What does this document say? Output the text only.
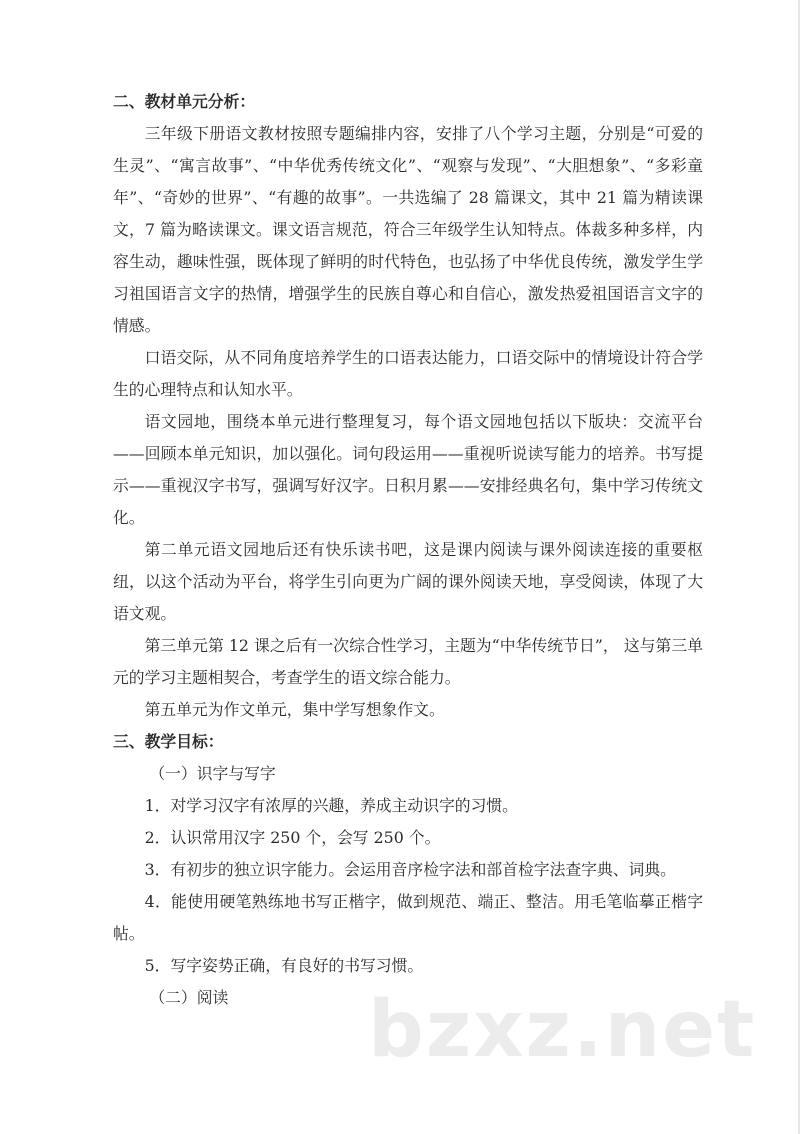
二、教材单元分析：

三年级下册语文教材按照专题编排内容，安排了八个学习主题，分别是“可爱的生灵”、“寓言故事”、“中华优秀传统文化”、“观察与发现”、“大胆想象”、“多彩童年”、“奇妙的世界”、“有趣的故事”。一共选编了 28 篇课文，其中 21 篇为精读课文，7 篇为略读课文。课文语言规范，符合三年级学生认知特点。体裁多种多样，内容生动，趣味性强，既体现了鲜明的时代特色，也弘扬了中华优良传统，激发学生学习祖国语言文字的热情，增强学生的民族自尊心和自信心，激发热爱祖国语言文字的情感。

口语交际，从不同角度培养学生的口语表达能力，口语交际中的情境设计符合学生的心理特点和认知水平。

语文园地，围绕本单元进行整理复习，每个语文园地包括以下版块：交流平台——回顾本单元知识，加以强化。词句段运用——重视听说读写能力的培养。书写提示——重视汉字书写，强调写好汉字。日积月累——安排经典名句，集中学习传统文化。

第二单元语文园地后还有快乐读书吧，这是课内阅读与课外阅读连接的重要枢纽，以这个活动为平台，将学生引向更为广阔的课外阅读天地，享受阅读，体现了大语文观。

第三单元第 12 课之后有一次综合性学习，主题为“中华传统节日”， 这与第三单元的学习主题相契合，考查学生的语文综合能力。

第五单元为作文单元，集中学写想象作文。

三、教学目标：

（一）识字与写字

1．对学习汉字有浓厚的兴趣，养成主动识字的习惯。

2．认识常用汉字 250 个，会写 250 个。

3．有初步的独立识字能力。会运用音序检字法和部首检字法查字典、词典。

4．能使用硬笔熟练地书写正楷字，做到规范、端正、整洁。用毛笔临摹正楷字帖。

5．写字姿势正确，有良好的书写习惯。

（二）阅读	bzxz.net
